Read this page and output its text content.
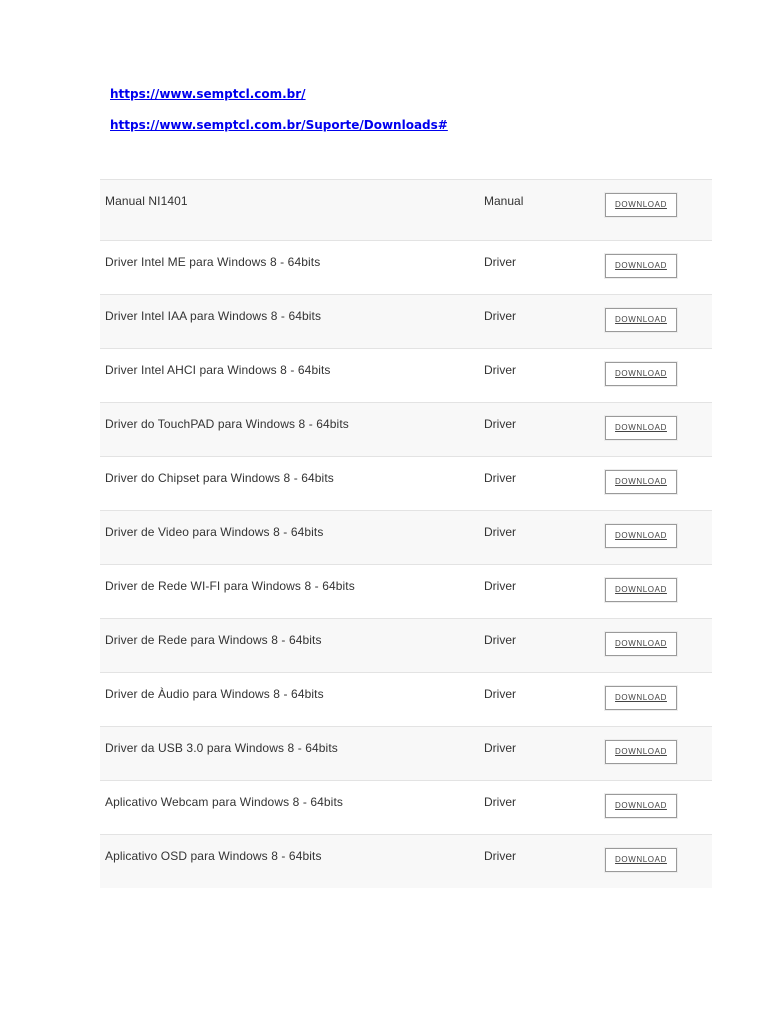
https://www.semptcl.com.br/
https://www.semptcl.com.br/Suporte/Downloads#
Manual NI1401	Manual	DOWNLOAD
Driver Intel ME para Windows 8 - 64bits	Driver	DOWNLOAD
Driver Intel IAA para Windows 8 - 64bits	Driver	DOWNLOAD
Driver Intel AHCI para Windows 8 - 64bits	Driver	DOWNLOAD
Driver do TouchPAD para Windows 8 - 64bits	Driver	DOWNLOAD
Driver do Chipset para Windows 8 - 64bits	Driver	DOWNLOAD
Driver de Video para Windows 8 - 64bits	Driver	DOWNLOAD
Driver de Rede WI-FI para Windows 8 - 64bits	Driver	DOWNLOAD
Driver de Rede para Windows 8 - 64bits	Driver	DOWNLOAD
Driver de Àudio para Windows 8 - 64bits	Driver	DOWNLOAD
Driver da USB 3.0 para Windows 8 - 64bits	Driver	DOWNLOAD
Aplicativo Webcam para Windows 8 - 64bits	Driver	DOWNLOAD
Aplicativo OSD para Windows 8 - 64bits	Driver	DOWNLOAD
